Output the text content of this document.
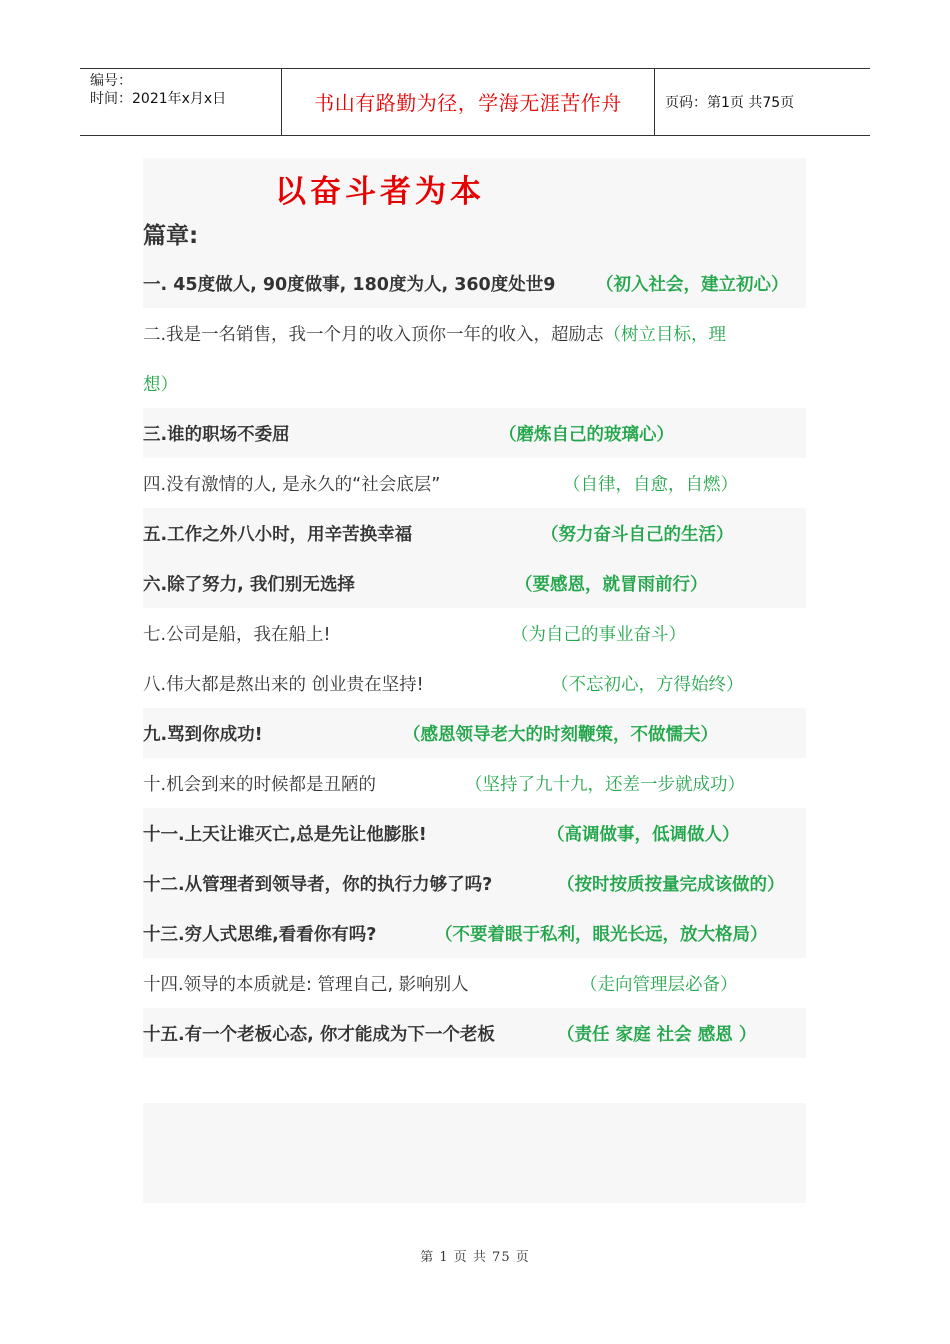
编号：
时间：2021年x月x日	书山有路勤为径，学海无涯苦作舟	页码：第1页 共75页
以奋斗者为本
篇章:
一. 45度做人, 90度做事, 180度为人, 360度处世9 （初入社会，建立初心）
二.我是一名销售，我一个月的收入顶你一年的收入，超励志 （树立目标，理
想）
三.谁的职场不委屈	（磨炼自己的玻璃心）
四.没有激情的人, 是永久的“社会底层”	（自律，自愈，自燃）
五.工作之外八小时，用辛苦换幸福	（努力奋斗自己的生活）
六.除了努力, 我们别无选择	（要感恩，就冒雨前行）
七.公司是船，我在船上!	（为自己的事业奋斗）
八.伟大都是熬出来的 创业贵在坚持!	（不忘初心，方得始终）
九.骂到你成功!	（感恩领导老大的时刻鞭策，不做懦夫）
十.机会到来的时候都是丑陋的	（坚持了九十九，还差一步就成功）
十一.上天让谁灭亡,总是先让他膨胀!	（高调做事，低调做人）
十二.从管理者到领导者，你的执行力够了吗?	（按时按质按量完成该做的）
十三.穷人式思维,看看你有吗?	（不要着眼于私利，眼光长远，放大格局）
十四.领导的本质就是: 管理自己, 影响别人	（走向管理层必备）
十五.有一个老板心态, 你才能成为下一个老板	（责任 家庭 社会 感恩 ）
第 1 页 共 75 页
